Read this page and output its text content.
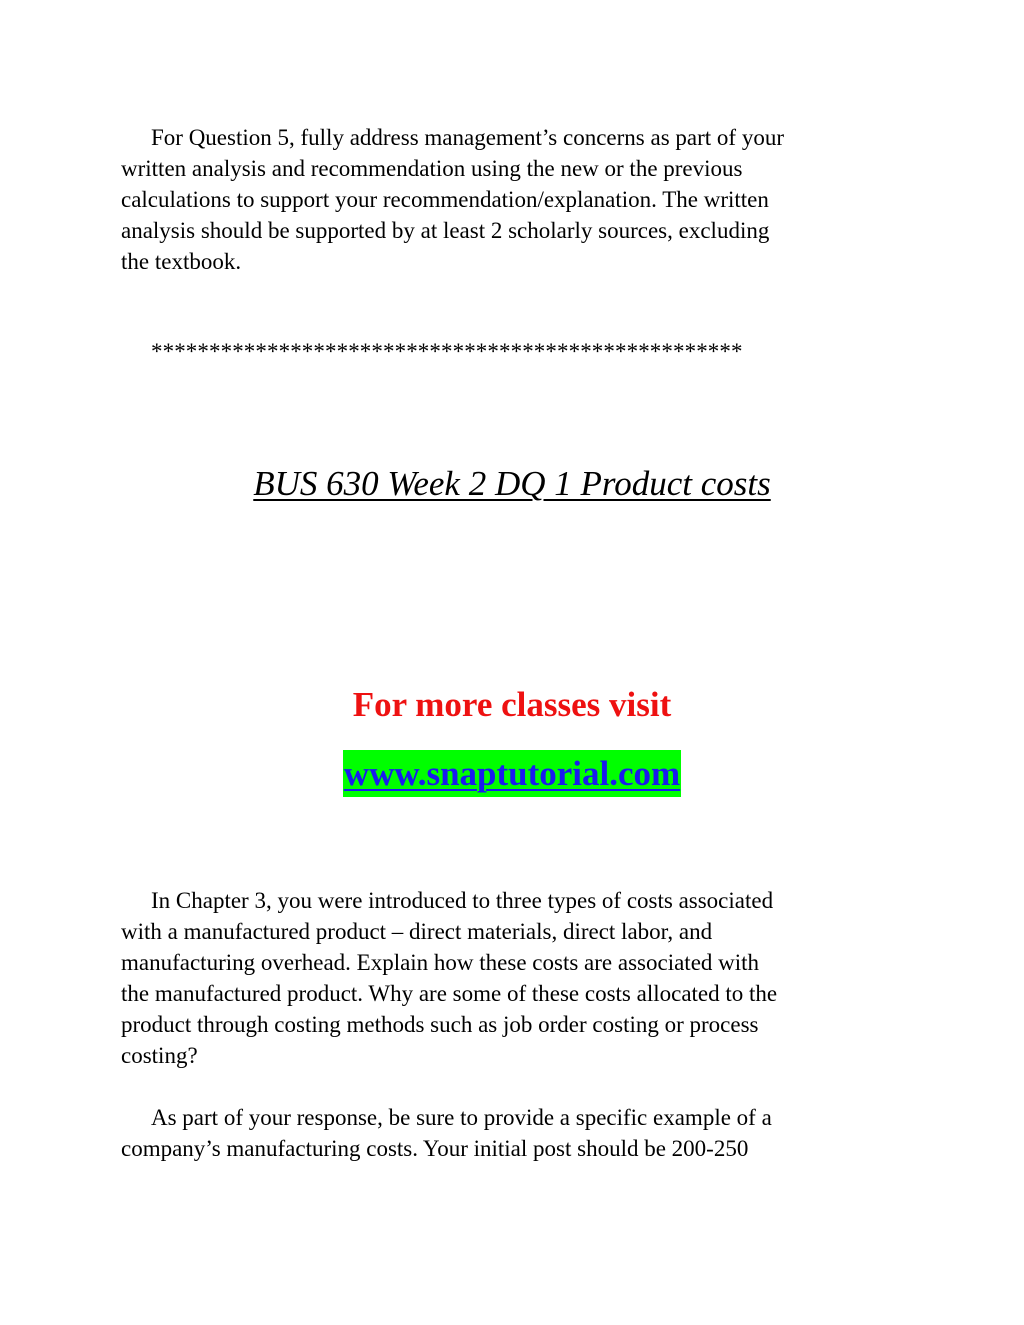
For Question 5, fully address management’s concerns as part of your
written analysis and recommendation using the new or the previous
calculations to support your recommendation/explanation. The written
analysis should be supported by at least 2 scholarly sources, excluding
the textbook.

***************************************************
BUS 630 Week 2 DQ 1 Product costs
For more classes visit
www.snaptutorial.com

In Chapter 3, you were introduced to three types of costs associated
with a manufactured product – direct materials, direct labor, and
manufacturing overhead. Explain how these costs are associated with
the manufactured product. Why are some of these costs allocated to the
product through costing methods such as job order costing or process
costing?

As part of your response, be sure to provide a specific example of a
company’s manufacturing costs. Your initial post should be 200-250
